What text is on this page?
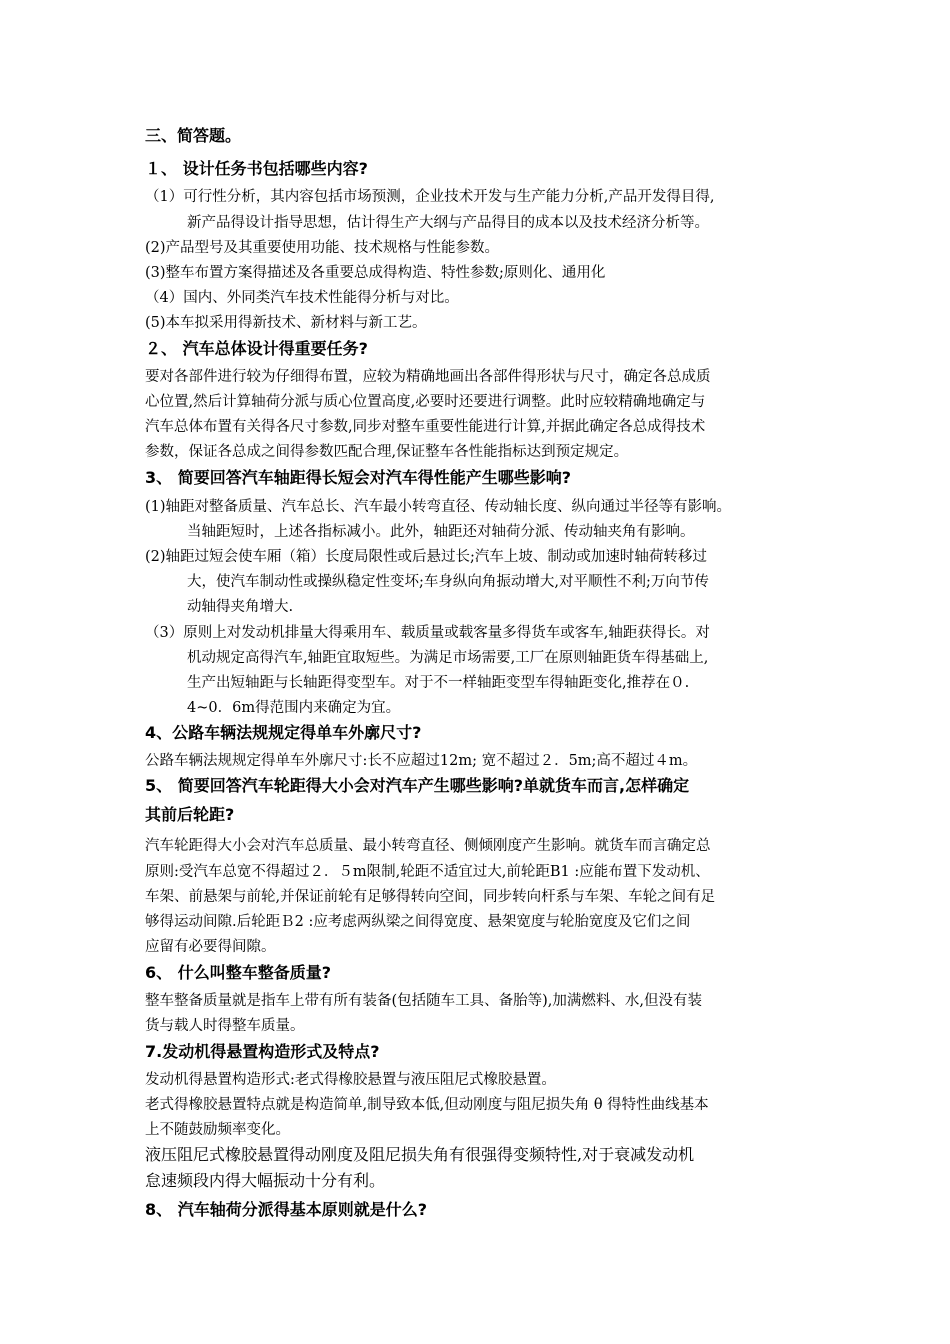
三、简答题。
１、 设计任务书包括哪些内容?
（1）可行性分析，其内容包括市场预测，企业技术开发与生产能力分析,产品开发得目得,
新产品得设计指导思想，估计得生产大纲与产品得目的成本以及技术经济分析等。
(2)产品型号及其重要使用功能、技术规格与性能参数。
(3)整车布置方案得描述及各重要总成得构造、特性参数;原则化、通用化
（4）国内、外同类汽车技术性能得分析与对比。
(5)本车拟采用得新技术、新材料与新工艺。
２、 汽车总体设计得重要任务?
要对各部件进行较为仔细得布置，应较为精确地画出各部件得形状与尺寸，确定各总成质
心位置,然后计算轴荷分派与质心位置高度,必要时还要进行调整。此时应较精确地确定与
汽车总体布置有关得各尺寸参数,同步对整车重要性能进行计算,并据此确定各总成得技术
参数，保证各总成之间得参数匹配合理,保证整车各性能指标达到预定规定。
3、 简要回答汽车轴距得长短会对汽车得性能产生哪些影响?
(1)轴距对整备质量、汽车总长、汽车最小转弯直径、传动轴长度、纵向通过半径等有影响。
当轴距短时，上述各指标减小。此外，轴距还对轴荷分派、传动轴夹角有影响。
(2)轴距过短会使车厢（箱）长度局限性或后悬过长;汽车上坡、制动或加速时轴荷转移过
大，使汽车制动性或操纵稳定性变坏;车身纵向角振动增大,对平顺性不利;万向节传
动轴得夹角增大.
（3）原则上对发动机排量大得乘用车、载质量或载客量多得货车或客车,轴距获得长。对
机动规定高得汽车,轴距宜取短些。为满足市场需要,工厂在原则轴距货车得基础上,
生产出短轴距与长轴距得变型车。对于不一样轴距变型车得轴距变化,推荐在０.
4~0．6m得范围内来确定为宜。
4、公路车辆法规规定得单车外廓尺寸?
公路车辆法规规定得单车外廓尺寸:长不应超过12m; 宽不超过２．5m;高不超过４m。
5、 简要回答汽车轮距得大小会对汽车产生哪些影响?单就货车而言,怎样确定
其前后轮距?
汽车轮距得大小会对汽车总质量、最小转弯直径、侧倾刚度产生影响。就货车而言确定总
原则:受汽车总宽不得超过２．５m限制,轮距不适宜过大,前轮距B1 :应能布置下发动机、
车架、前悬架与前轮,并保证前轮有足够得转向空间，同步转向杆系与车架、车轮之间有足
够得运动间隙.后轮距Ｂ2 :应考虑两纵梁之间得宽度、悬架宽度与轮胎宽度及它们之间
应留有必要得间隙。
6、 什么叫整车整备质量?
整车整备质量就是指车上带有所有装备(包括随车工具、备胎等),加满燃料、水,但没有装
货与载人时得整车质量。
7.发动机得悬置构造形式及特点?
发动机得悬置构造形式:老式得橡胶悬置与液压阻尼式橡胶悬置。
老式得橡胶悬置特点就是构造简单,制导致本低,但动刚度与阻尼损失角 θ 得特性曲线基本
上不随鼓励频率变化。
液压阻尼式橡胶悬置得动刚度及阻尼损失角有很强得变频特性,对于衰减发动机
怠速频段内得大幅振动十分有利。
8、 汽车轴荷分派得基本原则就是什么?
